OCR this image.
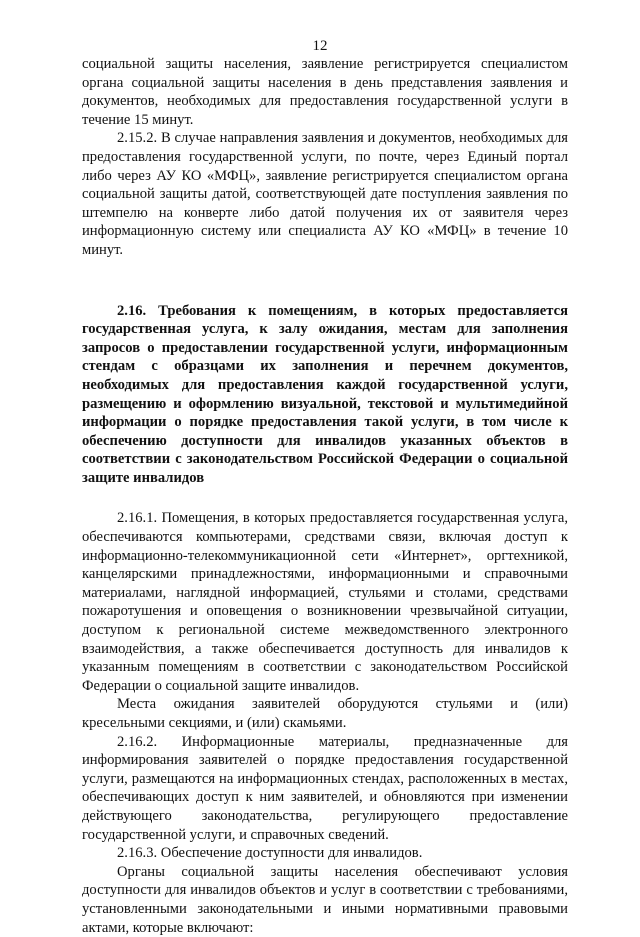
12

социальной защиты населения, заявление регистрируется специалистом органа социальной защиты населения в день представления заявления и документов, необходимых для предоставления государственной услуги в течение 15 минут.

2.15.2. В случае направления заявления и документов, необходимых для предоставления государственной услуги, по почте, через Единый портал либо через АУ КО «МФЦ», заявление регистрируется специалистом органа социальной защиты датой, соответствующей дате поступления заявления по штемпелю на конверте либо датой получения их от заявителя через информационную систему или специалиста АУ КО «МФЦ» в течение 10 минут.

2.16. Требования к помещениям, в которых предоставляется государственная услуга, к залу ожидания, местам для заполнения запросов о предоставлении государственной услуги, информационным стендам с образцами их заполнения и перечнем документов, необходимых для предоставления каждой государственной услуги, размещению и оформлению визуальной, текстовой и мультимедийной информации о порядке предоставления такой услуги, в том числе к обеспечению доступности для инвалидов указанных объектов в соответствии с законодательством Российской Федерации о социальной защите инвалидов

2.16.1. Помещения, в которых предоставляется государственная услуга, обеспечиваются компьютерами, средствами связи, включая доступ к информационно-телекоммуникационной сети «Интернет», оргтехникой, канцелярскими принадлежностями, информационными и справочными материалами, наглядной информацией, стульями и столами, средствами пожаротушения и оповещения о возникновении чрезвычайной ситуации, доступом к региональной системе межведомственного электронного взаимодействия, а также обеспечивается доступность для инвалидов к указанным помещениям в соответствии с законодательством Российской Федерации о социальной защите инвалидов.

Места ожидания заявителей оборудуются стульями и (или) кресельными секциями, и (или) скамьями.

2.16.2. Информационные материалы, предназначенные для информирования заявителей о порядке предоставления государственной услуги, размещаются на информационных стендах, расположенных в местах, обеспечивающих доступ к ним заявителей, и обновляются при изменении действующего законодательства, регулирующего предоставление государственной услуги, и справочных сведений.

2.16.3. Обеспечение доступности для инвалидов.

Органы социальной защиты населения обеспечивают условия доступности для инвалидов объектов и услуг в соответствии с требованиями, установленными законодательными и иными нормативными правовыми актами, которые включают:
